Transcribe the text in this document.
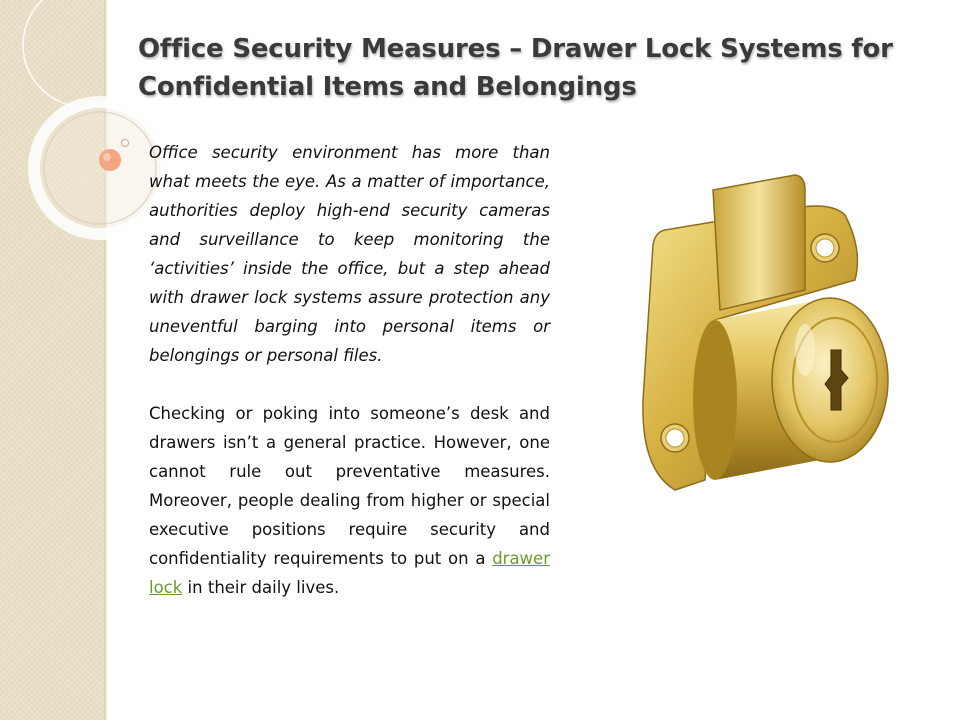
Office Security Measures – Drawer Lock Systems for Confidential Items and Belongings

Office security environment has more than what meets the eye. As a matter of importance, authorities deploy high-end security cameras and surveillance to keep monitoring the ‘activities’ inside the office, but a step ahead with drawer lock systems assure protection any uneventful barging into personal items or belongings or personal files.

Checking or poking into someone’s desk and drawers isn’t a general practice. However, one cannot rule out preventative measures. Moreover, people dealing from higher or special executive positions require security and confidentiality requirements to put on a drawer lock in their daily lives.
